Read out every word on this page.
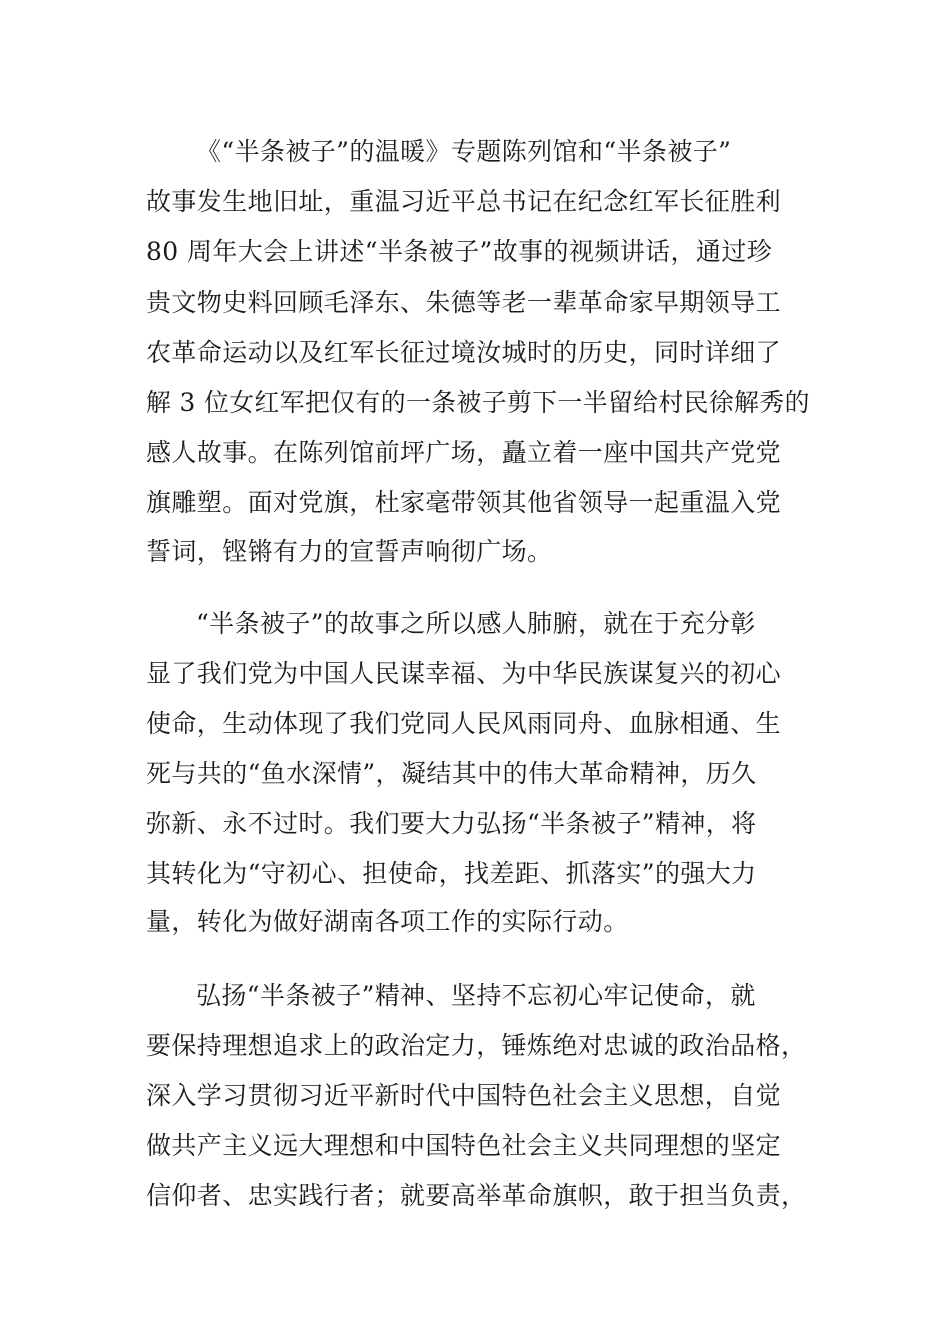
《“半条被子”的温暖》专题陈列馆和“半条被子”
故事发生地旧址，重温习近平总书记在纪念红军长征胜利
80 周年大会上讲述“半条被子”故事的视频讲话，通过珍
贵文物史料回顾毛泽东、朱德等老一辈革命家早期领导工
农革命运动以及红军长征过境汝城时的历史，同时详细了
解 3 位女红军把仅有的一条被子剪下一半留给村民徐解秀的
感人故事。在陈列馆前坪广场，矗立着一座中国共产党党
旗雕塑。面对党旗，杜家毫带领其他省领导一起重温入党
誓词，铿锵有力的宣誓声响彻广场。
“半条被子”的故事之所以感人肺腑，就在于充分彰
显了我们党为中国人民谋幸福、为中华民族谋复兴的初心
使命，生动体现了我们党同人民风雨同舟、血脉相通、生
死与共的“鱼水深情”，凝结其中的伟大革命精神，历久
弥新、永不过时。我们要大力弘扬“半条被子”精神，将
其转化为“守初心、担使命，找差距、抓落实”的强大力
量，转化为做好湖南各项工作的实际行动。
弘扬“半条被子”精神、坚持不忘初心牢记使命，就
要保持理想追求上的政治定力，锤炼绝对忠诚的政治品格，
深入学习贯彻习近平新时代中国特色社会主义思想，自觉
做共产主义远大理想和中国特色社会主义共同理想的坚定
信仰者、忠实践行者；就要高举革命旗帜，敢于担当负责，
